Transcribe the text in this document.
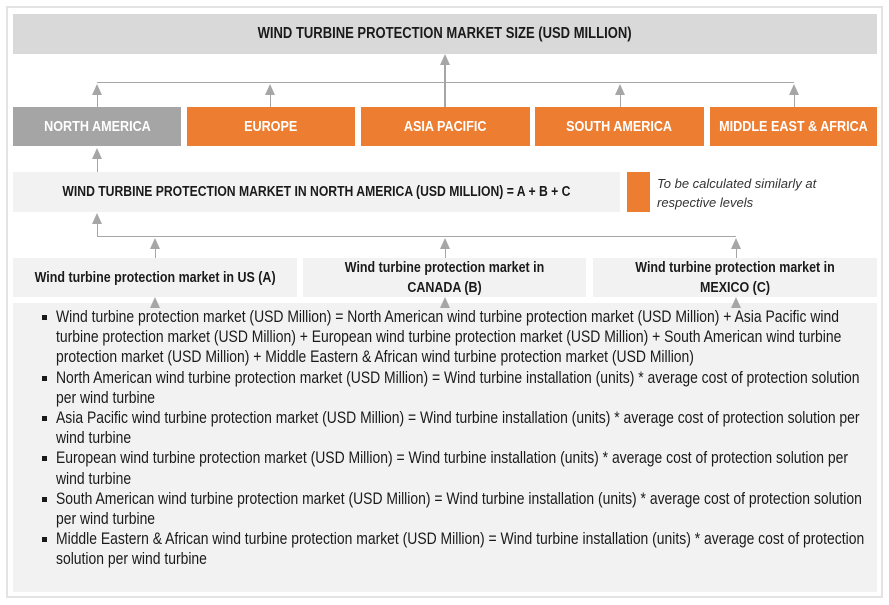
WIND TURBINE PROTECTION MARKET SIZE (USD MILLION)
NORTH AMERICA	EUROPE	ASIA PACIFIC	SOUTH AMERICA	MIDDLE EAST & AFRICA
WIND TURBINE PROTECTION MARKET IN NORTH AMERICA (USD MILLION) = A + B + C
To be calculated similarly at respective levels
Wind turbine protection market in US (A)
Wind turbine protection market in CANADA (B)
Wind turbine protection market in MEXICO (C)
Wind turbine protection market (USD Million) = North American wind turbine protection market (USD Million) + Asia Pacific wind turbine protection market (USD Million) + European wind turbine protection market (USD Million) + South American wind turbine protection market (USD Million) + Middle Eastern & African wind turbine protection market (USD Million)
North American wind turbine protection market (USD Million) = Wind turbine installation (units) * average cost of protection solution per wind turbine
Asia Pacific wind turbine protection market (USD Million) = Wind turbine installation (units) * average cost of protection solution per wind turbine
European wind turbine protection market (USD Million) = Wind turbine installation (units) * average cost of protection solution per wind turbine
South American wind turbine protection market (USD Million) = Wind turbine installation (units) * average cost of protection solution per wind turbine
Middle Eastern & African wind turbine protection market (USD Million) = Wind turbine installation (units) * average cost of protection solution per wind turbine
